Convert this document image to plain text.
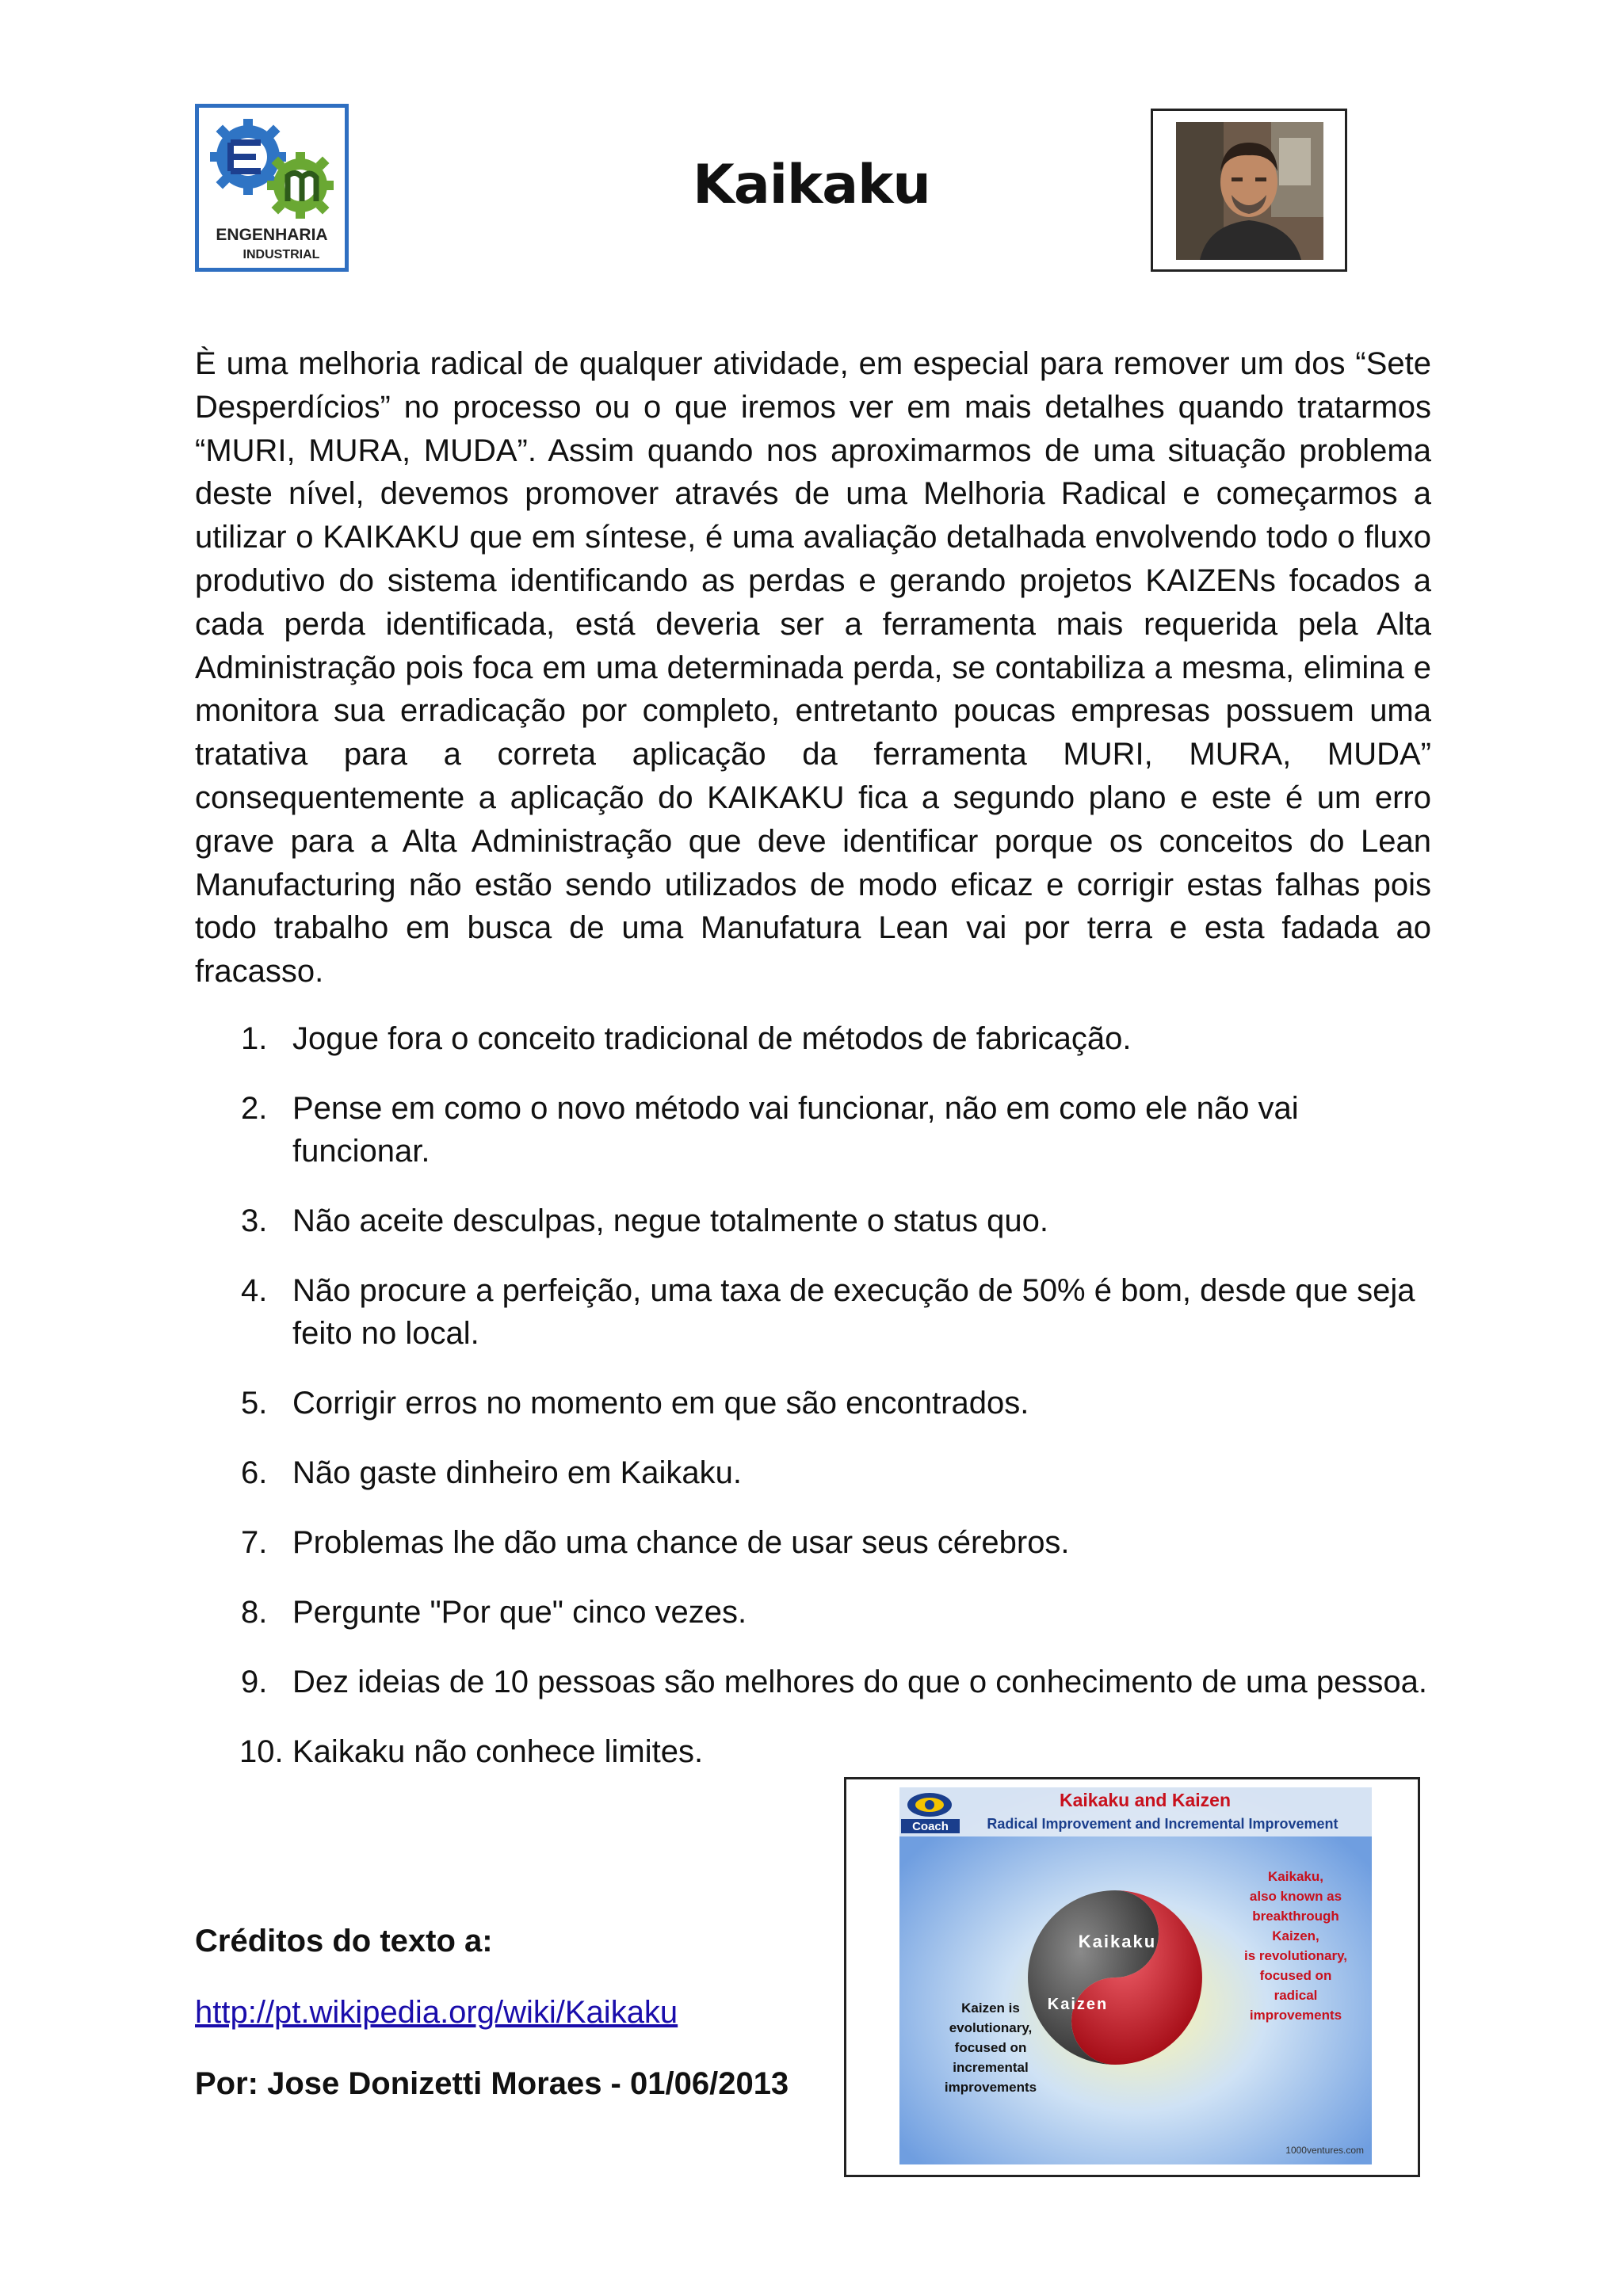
ENGENHARIA
INDUSTRIAL
Kaikaku

È uma melhoria radical de qualquer atividade, em especial para remover um dos “Sete Desperdícios” no processo ou o que iremos ver em mais detalhes quando tratarmos “MURI, MURA, MUDA”. Assim quando nos aproximarmos de uma situação problema deste nível, devemos promover através de uma Melhoria Radical e começarmos a utilizar o KAIKAKU que em síntese, é uma avaliação detalhada envolvendo todo o fluxo produtivo do sistema identificando as perdas e gerando projetos KAIZENs focados a cada perda identificada, está deveria ser a ferramenta mais requerida pela Alta Administração pois foca em uma determinada perda, se contabiliza a mesma, elimina e monitora sua erradicação por completo, entretanto poucas empresas possuem uma tratativa para a correta aplicação da ferramenta MURI, MURA, MUDA” consequentemente a aplicação do KAIKAKU fica a segundo plano e este é um erro grave para a Alta Administração que deve identificar porque os conceitos do Lean Manufacturing não estão sendo utilizados de modo eficaz e corrigir estas falhas pois todo trabalho em busca de uma Manufatura Lean vai por terra e esta fadada ao fracasso.

1. Jogue fora o conceito tradicional de métodos de fabricação.
2. Pense em como o novo método vai funcionar, não em como ele não vai funcionar.
3. Não aceite desculpas, negue totalmente o status quo.
4. Não procure a perfeição, uma taxa de execução de 50% é bom, desde que seja feito no local.
5. Corrigir erros no momento em que são encontrados.
6. Não gaste dinheiro em Kaikaku.
7. Problemas lhe dão uma chance de usar seus cérebros.
8. Pergunte "Por que" cinco vezes.
9. Dez ideias de 10 pessoas são melhores do que o conhecimento de uma pessoa.
10. Kaikaku não conhece limites.
Créditos do texto a:
http://pt.wikipedia.org/wiki/Kaikaku
Por: Jose Donizetti Moraes - 01/06/2013
Coach
Kaikaku and Kaizen
Radical Improvement and Incremental Improvement
Kaikaku
Kaizen
Kaikaku,
also known as
breakthrough
Kaizen,
is revolutionary,
focused on
radical
improvements
Kaizen is
evolutionary,
focused on
incremental
improvements
1000ventures.com
